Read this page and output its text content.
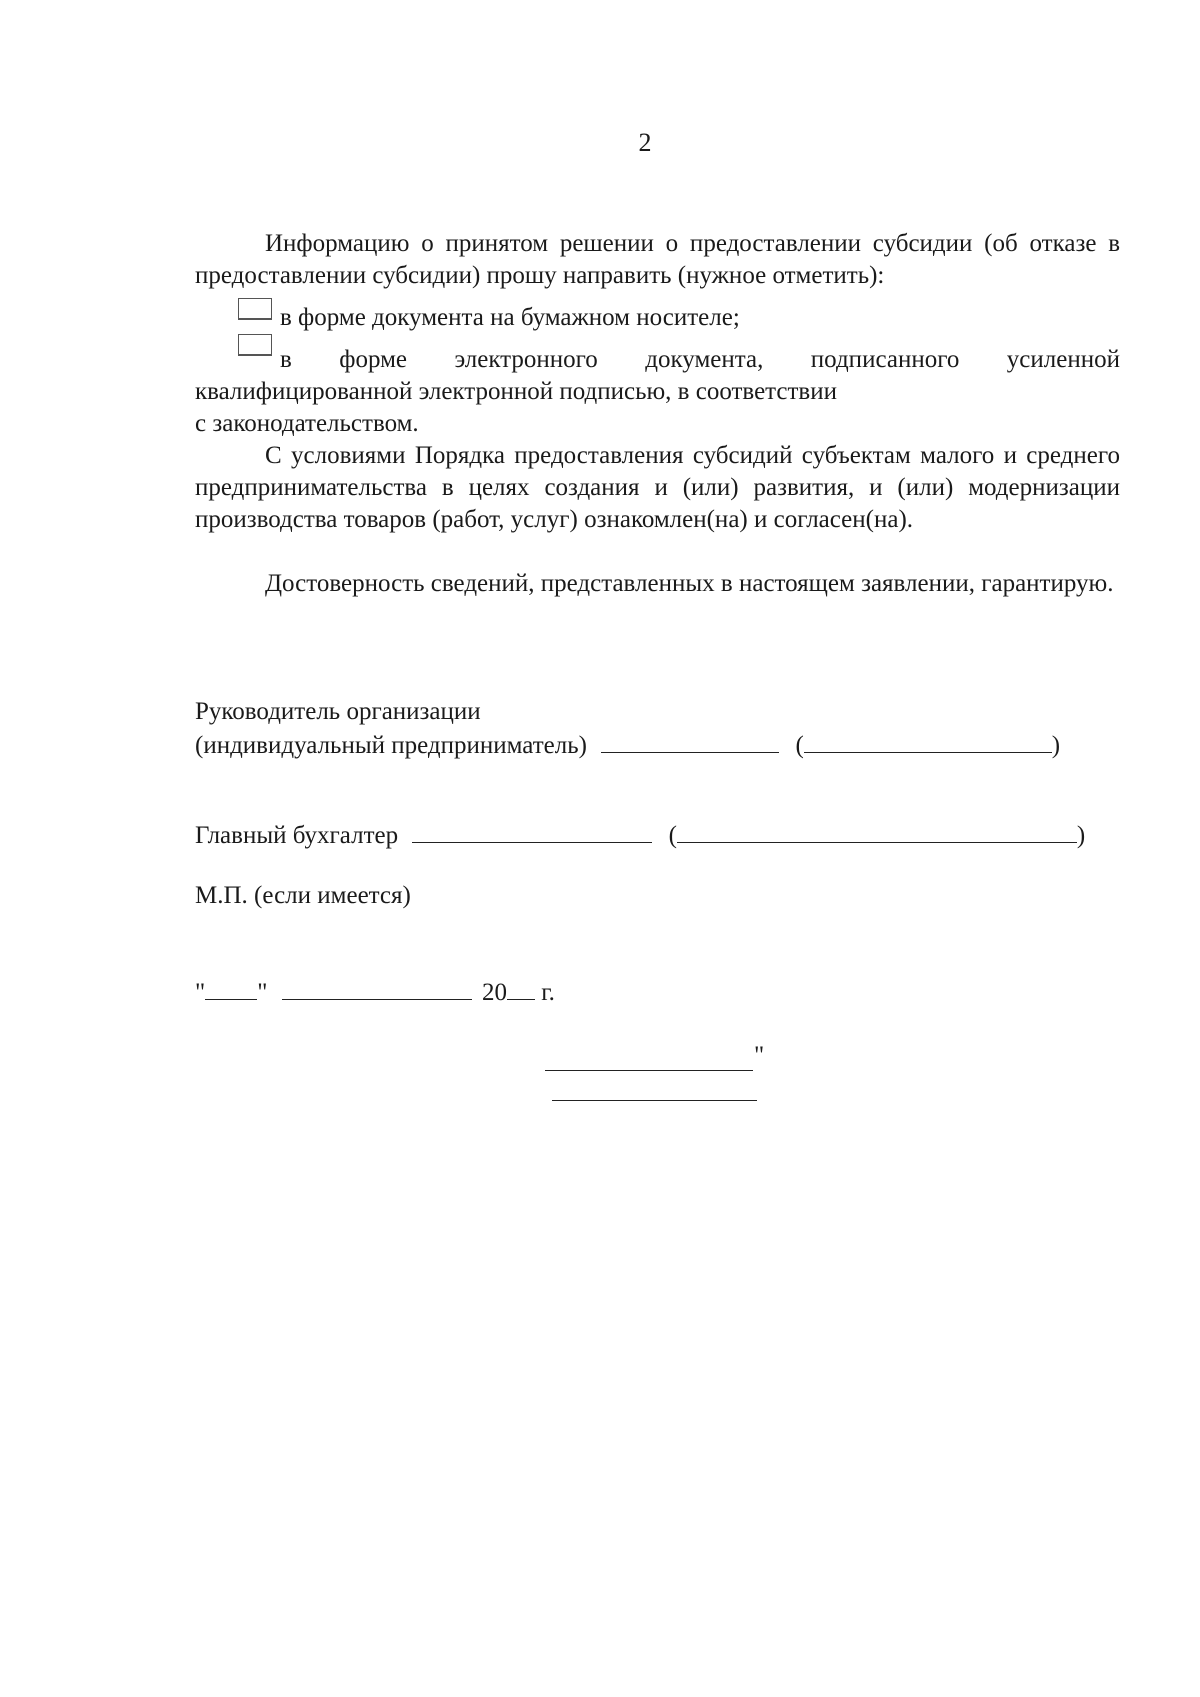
2
Информацию о принятом решении о предоставлении субсидии (об отказе в предоставлении субсидии) прошу направить (нужное отметить):
в форме документа на бумажном носителе;
в форме электронного документа, подписанного усиленной
квалифицированной электронной подписью, в соответствии
с законодательством.
С условиями Порядка предоставления субсидий субъектам малого и среднего предпринимательства в целях создания и (или) развития, и (или) модернизации производства товаров (работ, услуг) ознакомлен(на) и согласен(на).
Достоверность сведений, представленных в настоящем заявлении, гарантирую.
Руководитель организации
(индивидуальный предприниматель)	(	)
Главный бухгалтер	(	)
М.П. (если имеется)
" "	20 г.
"
